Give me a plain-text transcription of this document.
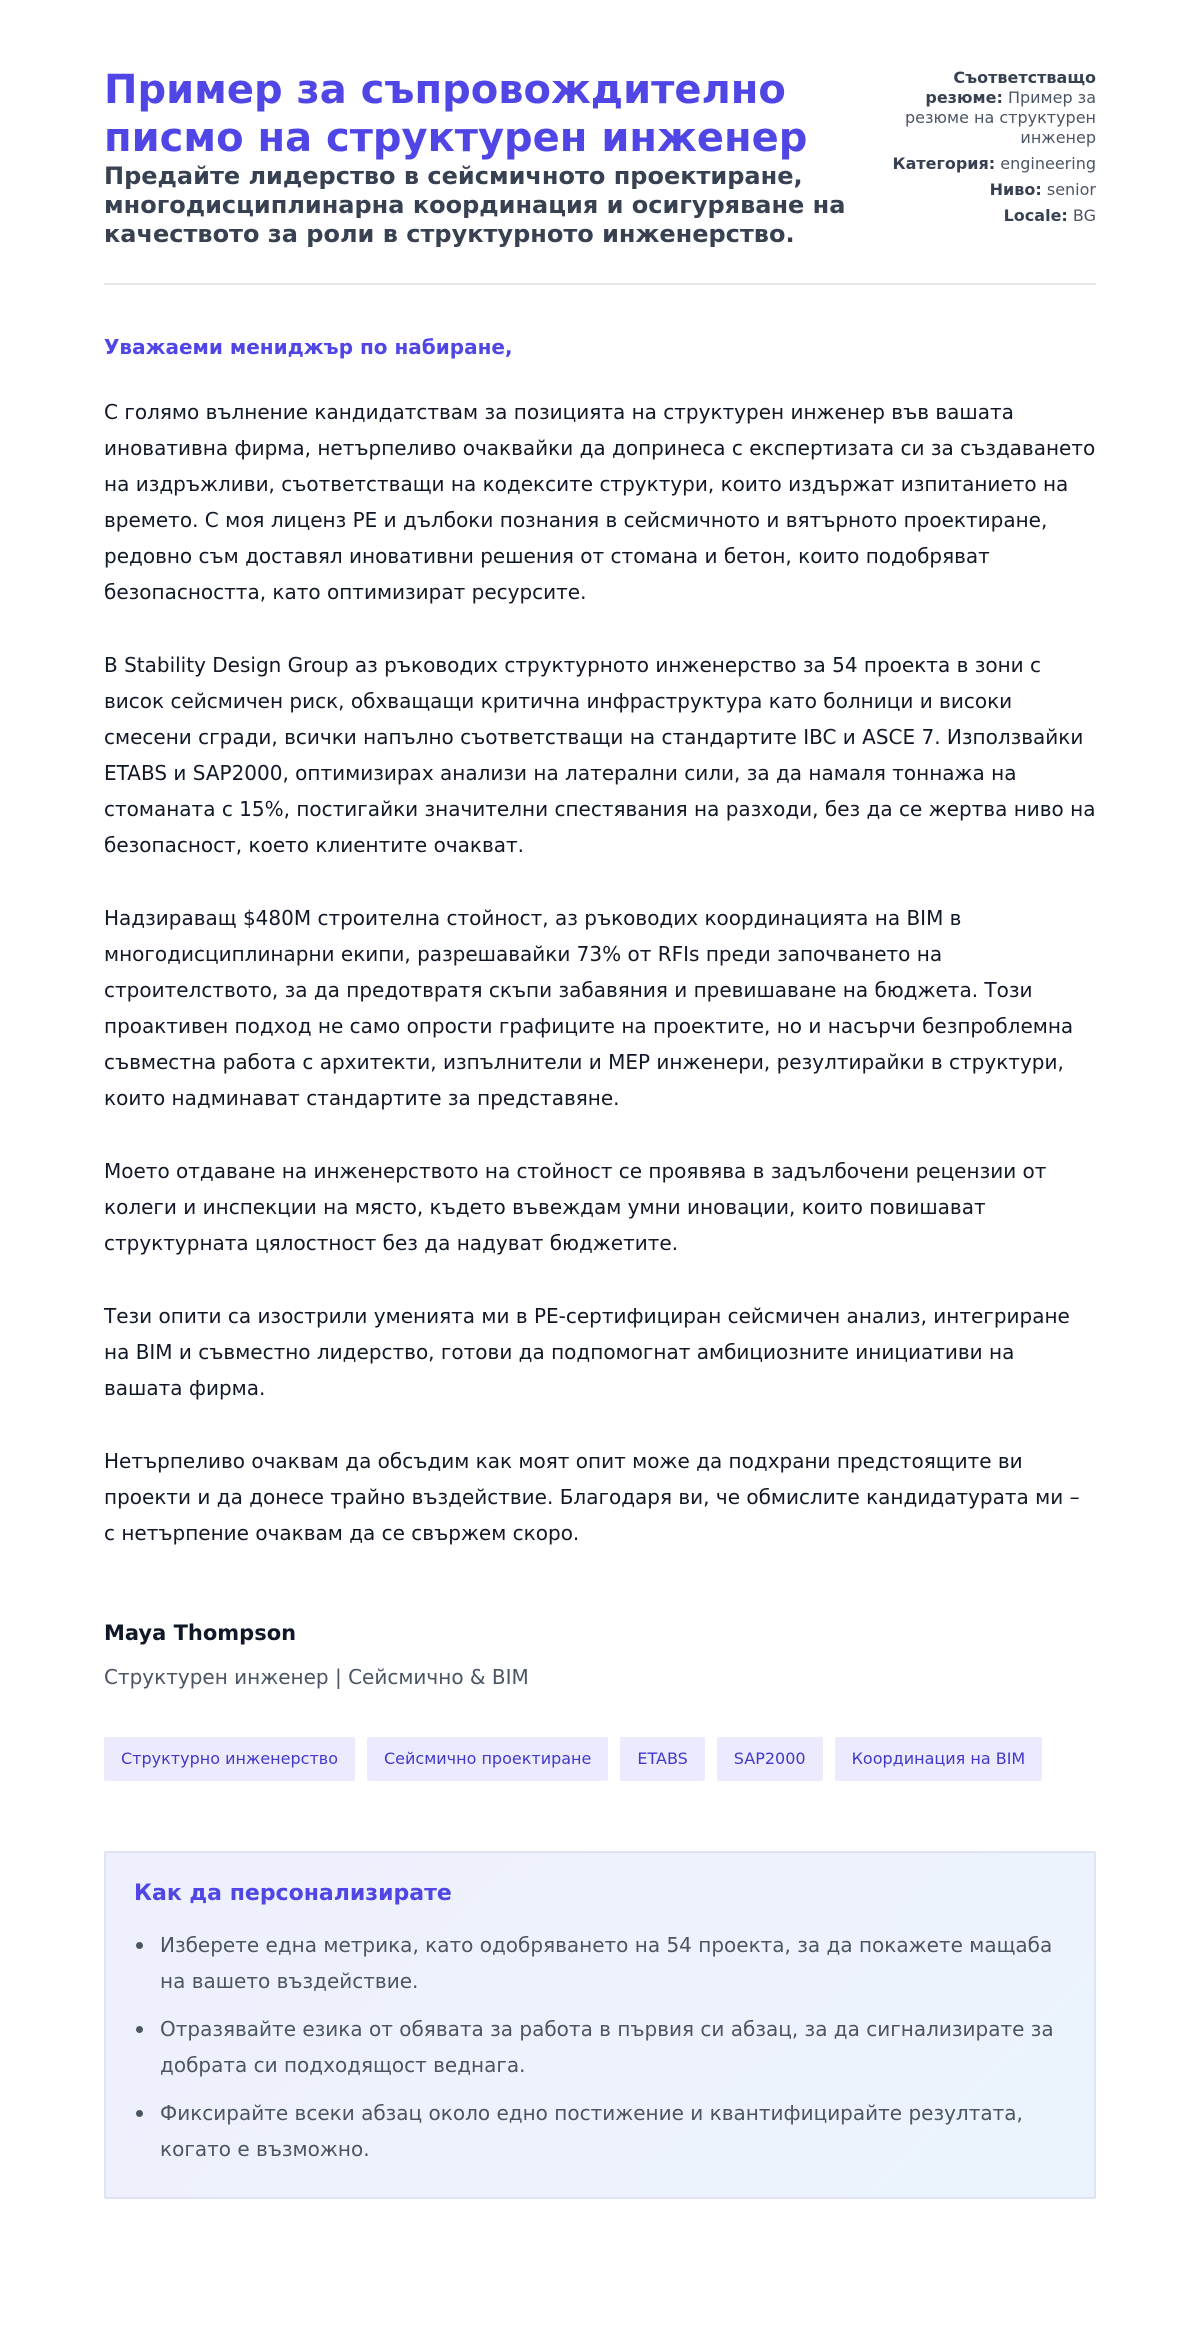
Пример за съпровождително писмо на структурен инженер
Предайте лидерство в сейсмичното проектиране, многодисциплинарна координация и осигуряване на качеството за роли в структурното инженерство.
Съответстващо резюме: Пример за резюме на структурен инженер
Категория: engineering
Ниво: senior
Locale: BG

Уважаеми мениджър по набиране,

С голямо вълнение кандидатствам за позицията на структурен инженер във вашата иновативна фирма, нетърпеливо очаквайки да допринеса с експертизата си за създаването на издръжливи, съответстващи на кодексите структури, които издържат изпитанието на времето. С моя лиценз PE и дълбоки познания в сейсмичното и вятърното проектиране, редовно съм доставял иновативни решения от стомана и бетон, които подобряват безопасността, като оптимизират ресурсите.

В Stability Design Group аз ръководих структурното инженерство за 54 проекта в зони с висок сейсмичен риск, обхващащи критична инфраструктура като болници и високи смесени сгради, всички напълно съответстващи на стандартите IBC и ASCE 7. Използвайки ETABS и SAP2000, оптимизирах анализи на латерални сили, за да намаля тоннажа на стоманата с 15%, постигайки значителни спестявания на разходи, без да се жертва ниво на безопасност, което клиентите очакват.

Надзираващ $480M строителна стойност, аз ръководих координацията на BIM в многодисциплинарни екипи, разрешавайки 73% от RFIs преди започването на строителството, за да предотвратя скъпи забавяния и превишаване на бюджета. Този проактивен подход не само опрости графиците на проектите, но и насърчи безпроблемна съвместна работа с архитекти, изпълнители и MEP инженери, резултирайки в структури, които надминават стандартите за представяне.

Моето отдаване на инженерството на стойност се проявява в задълбочени рецензии от колеги и инспекции на място, където въвеждам умни иновации, които повишават структурната цялостност без да надуват бюджетите.

Тези опити са изострили уменията ми в PE-сертифициран сейсмичен анализ, интегриране на BIM и съвместно лидерство, готови да подпомогнат амбициозните инициативи на вашата фирма.

Нетърпеливо очаквам да обсъдим как моят опит може да подхрани предстоящите ви проекти и да донесе трайно въздействие. Благодаря ви, че обмислите кандидатурата ми – с нетърпение очаквам да се свържем скоро.

Maya Thompson
Структурен инженер | Сейсмично & BIM
Структурно инженерство	Сейсмично проектиране	ETABS	SAP2000	Координация на BIM
Как да персонализирате
Изберете една метрика, като одобряването на 54 проекта, за да покажете мащаба на вашето въздействие.
Отразявайте езика от обявата за работа в първия си абзац, за да сигнализирате за добрата си подходящост веднага.
Фиксирайте всеки абзац около едно постижение и квантифицирайте резултата, когато е възможно.
